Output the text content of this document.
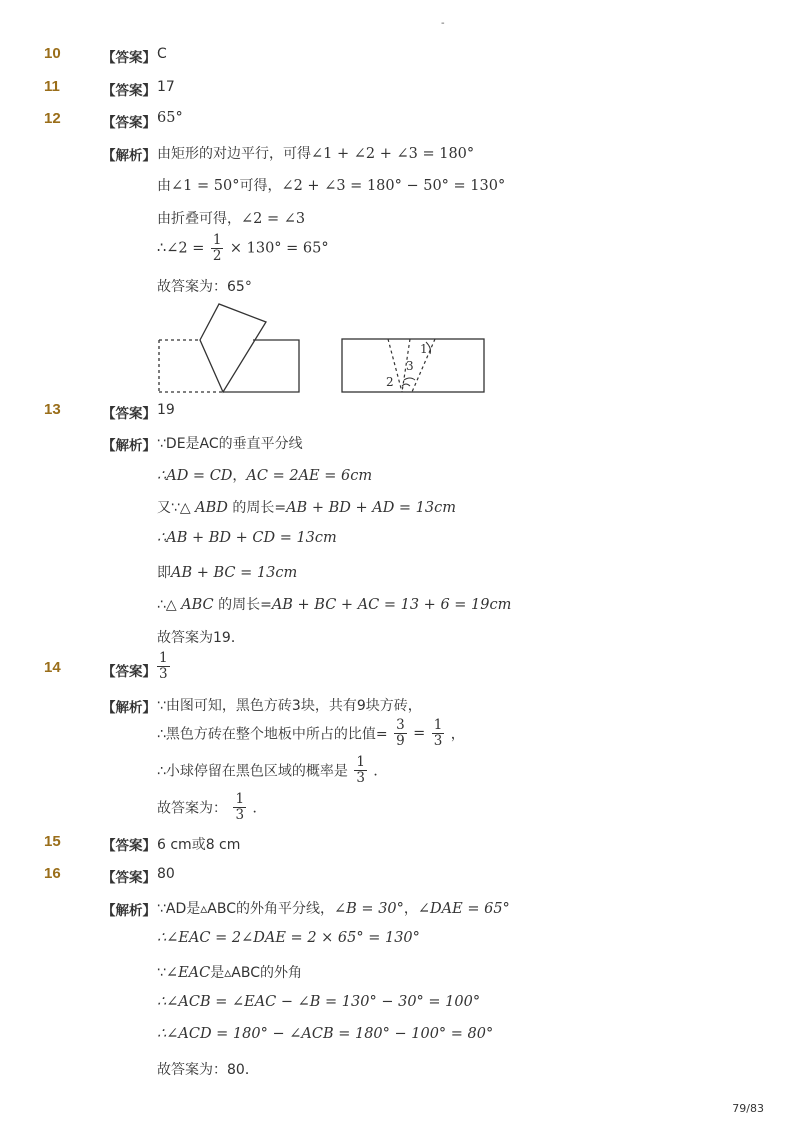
-
10	【答案】 C
11	【答案】 17
12	【答案】 65°
【解析】 由矩形的对边平行，可得∠1 + ∠2 + ∠3 = 180°
由∠1 = 50°可得，∠2 + ∠3 = 180° − 50° = 130°
由折叠可得，∠2 = ∠3
∴∠2 = $\frac{1}{2} \times 130^\circ = 65^\circ$
故答案为：65°
1
3
2
13	【答案】 19
【解析】 ∵DE是AC的垂直平分线
∴AD = CD，AC = 2AE = 6cm
又∵△ ABD 的周长=AB + BD + AD = 13cm
∴AB + BD + CD = 13cm
即AB + BC = 13cm
∴△ ABC 的周长=AB + BC + AC = 13 + 6 = 19cm
故答案为19．
14	【答案】 $\frac{1}{3}$
【解析】 ∵由图可知，黑色方砖3块，共有9块方砖，
∴黑色方砖在整个地板中所占的比值= $\frac{3}{9} = \frac{1}{3}$ ，
∴小球停留在黑色区域的概率是 $\frac{1}{3}$ ．
故答案为： $\frac{1}{3}$ ．
15	【答案】 6 cm或8 cm
16	【答案】 80
【解析】 ∵AD是▵ABC的外角平分线，∠B = 30°，∠DAE = 65°
∴∠EAC = 2∠DAE = 2 × 65° = 130°
∵∠EAC是▵ABC的外角
∴∠ACB = ∠EAC − ∠B = 130° − 30° = 100°
∴∠ACD = 180° − ∠ACB = 180° − 100° = 80°
故答案为：80．
79/83
